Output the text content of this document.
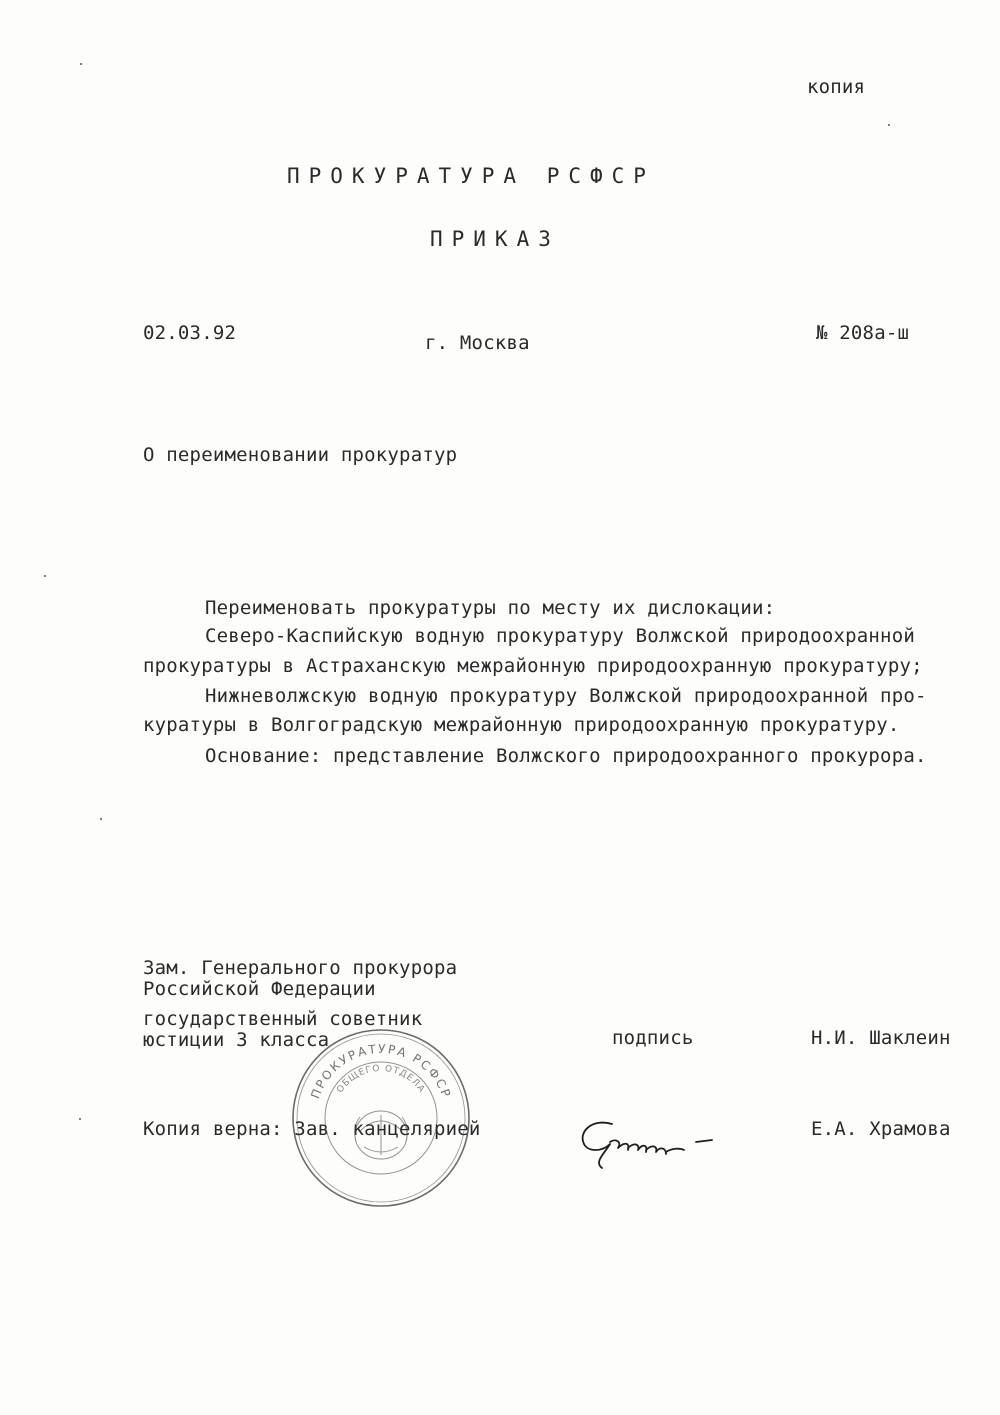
копия
ПРОКУРАТУРА РСФСР
ПРИКАЗ
02.03.92	г. Москва	№ 208а-ш
О переименовании прокуратур
Переименовать прокуратуры по месту их дислокации:
Северо-Каспийскую водную прокуратуру Волжской природоохранной
прокуратуры в Астраханскую межрайонную природоохранную прокуратуру;
Нижневолжскую водную прокуратуру Волжской природоохранной про-
куратуры в Волгоградскую межрайонную природоохранную прокуратуру.
Основание: представление Волжского природоохранного прокурора.
Зам. Генерального прокурора
Российской Федерации
государственный советник
юстиции 3 класса	подпись	Н.И. Шаклеин
Копия верна: Зав. канцелярией	Е.А. Храмова
ПРОКУРАТУРА РСФСР
ОБЩЕГО ОТДЕЛА
